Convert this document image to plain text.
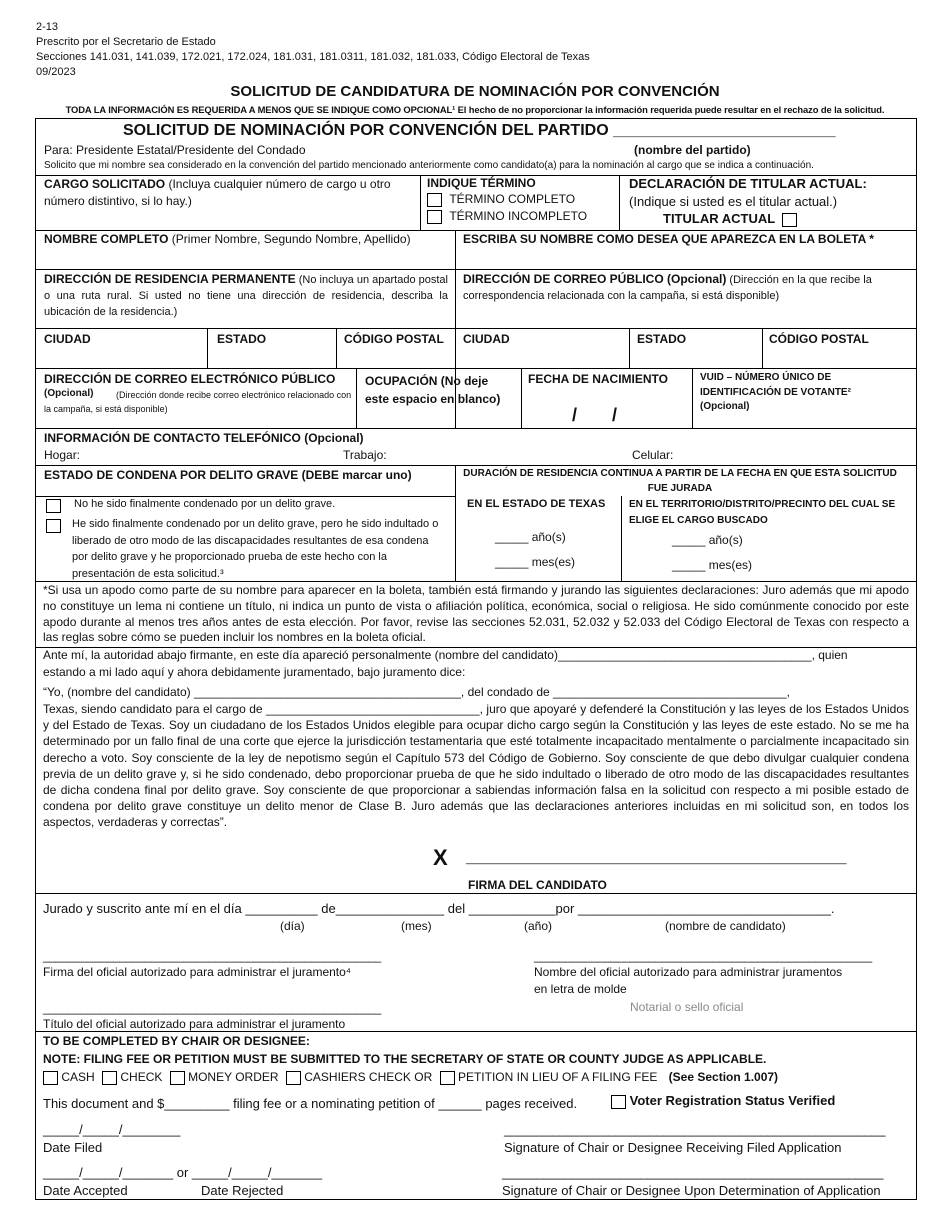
2-13
Prescrito por el Secretario de Estado
Secciones 141.031, 141.039, 172.021, 172.024, 181.031, 181.0311, 181.032, 181.033, Código Electoral de Texas
09/2023
SOLICITUD DE CANDIDATURA DE NOMINACIÓN POR CONVENCIÓN
TODA LA INFORMACIÓN ES REQUERIDA A MENOS QUE SE INDIQUE COMO OPCIONAL¹ El hecho de no proporcionar la información requerida puede resultar en el rechazo de la solicitud.
SOLICITUD DE NOMINACIÓN POR CONVENCIÓN DEL PARTIDO _________________________
Para: Presidente Estatal/Presidente del Condado	(nombre del partido)
Solicito que mi nombre sea considerado en la convención del partido mencionado anteriormente como candidato(a) para la nominación al cargo que se indica a continuación.
CARGO SOLICITADO (Incluya cualquier número de cargo u otro número distintivo, si lo hay.)
INDIQUE TÉRMINO
TÉRMINO COMPLETO
TÉRMINO INCOMPLETO
DECLARACIÓN DE TITULAR ACTUAL:
(Indique si usted es el titular actual.)
TITULAR ACTUAL
NOMBRE COMPLETO (Primer Nombre, Segundo Nombre, Apellido)	ESCRIBA SU NOMBRE COMO DESEA QUE APAREZCA EN LA BOLETA *
DIRECCIÓN DE RESIDENCIA PERMANENTE (No incluya un apartado postal o una ruta rural. Si usted no tiene una dirección de residencia, describa la ubicación de la residencia.)
DIRECCIÓN DE CORREO PÚBLICO (Opcional) (Dirección en la que recibe la correspondencia relacionada con la campaña, si está disponible)
CIUDAD	ESTADO	CÓDIGO POSTAL CIUDAD	ESTADO	CÓDIGO POSTAL
DIRECCIÓN DE CORREO ELECTRÓNICO PÚBLICO
(Opcional)	(Dirección donde recibe correo electrónico relacionado con la campaña, si está disponible)
OCUPACIÓN (No deje este espacio en blanco)
FECHA DE NACIMIENTO
/       /
VUID – NÚMERO ÚNICO DE IDENTIFICACIÓN DE VOTANTE²
(Opcional)
INFORMACIÓN DE CONTACTO TELEFÓNICO (Opcional)
Hogar:	Trabajo:	Celular:
ESTADO DE CONDENA POR DELITO GRAVE (DEBE marcar uno)
No he sido finalmente condenado por un delito grave.
He sido finalmente condenado por un delito grave, pero he sido indultado o liberado de otro modo de las discapacidades resultantes de esa condena por delito grave y he proporcionado prueba de este hecho con la presentación de esta solicitud.³
DURACIÓN DE RESIDENCIA CONTINUA A PARTIR DE LA FECHA EN QUE ESTA SOLICITUD FUE JURADA
EN EL ESTADO DE TEXAS
_____ año(s)
_____ mes(es)
EN EL TERRITORIO/DISTRITO/PRECINTO DEL CUAL SE ELIGE EL CARGO BUSCADO
_____ año(s)
_____ mes(es)
*Si usa un apodo como parte de su nombre para aparecer en la boleta, también está firmando y jurando las siguientes declaraciones: Juro además que mi apodo no constituye un lema ni contiene un título, ni indica un punto de vista o afiliación política, económica, social o religiosa. He sido comúnmente conocido por este apodo durante al menos tres años antes de esta elección. Por favor, revise las secciones 52.031, 52.032 y 52.033 del Código Electoral de Texas con respecto a las reglas sobre cómo se pueden incluir los nombres en la boleta oficial.
Ante mí, la autoridad abajo firmante, en este día apareció personalmente (nombre del candidato)______________________________________, quien
estando a mi lado aquí y ahora debidamente juramentado, bajo juramento dice:
“Yo, (nombre del candidato) ________________________________________, del condado de ___________________________________,
Texas, siendo candidato para el cargo de ________________________________, juro que apoyaré y defenderé la Constitución y las leyes de los Estados Unidos y del Estado de Texas. Soy un ciudadano de los Estados Unidos elegible para ocupar dicho cargo según la Constitución y las leyes de este estado. No se me ha determinado por un fallo final de una corte que ejerce la jurisdicción testamentaria que esté totalmente incapacitado mentalmente o parcialmente incapacitado sin derecho a voto. Soy consciente de la ley de nepotismo según el Capítulo 573 del Código de Gobierno. Soy consciente de que debo divulgar cualquier condena previa de un delito grave y, si he sido condenado, debo proporcionar prueba de que he sido indultado o liberado de otro modo de las discapacidades resultantes de dicha condena final por delito grave. Soy consciente de que proporcionar a sabiendas información falsa en la solicitud con respecto a mi posible estado de condena por delito grave constituye un delito menor de Clase B. Juro además que las declaraciones anteriores incluidas en mi solicitud son, en todos los aspectos, verdaderas y correctas”.
X ______________________________________
FIRMA DEL CANDIDATO
Jurado y suscrito ante mí en el día __________ de_______________ del ____________por ___________________________________.
(día)	(mes)	(año)	(nombre de candidato)
_____________________________________________________
Firma del oficial autorizado para administrar el juramento⁴
_____________________________________________________
Nombre del oficial autorizado para administrar juramentos
en letra de molde
Notarial o sello oficial
_____________________________________________________
Título del oficial autorizado para administrar el juramento
TO BE COMPLETED BY CHAIR OR DESIGNEE:
NOTE: FILING FEE OR PETITION MUST BE SUBMITTED TO THE SECRETARY OF STATE OR COUNTY JUDGE AS APPLICABLE.
CASH CHECK MONEY ORDER CASHIERS CHECK OR PETITION IN LIEU OF A FILING FEE (See Section 1.007)
This document and $_________ filing fee or a nominating petition of ______ pages received.	Voter Registration Status Verified
_____/_____/________
Date Filed
_______________________________________________________
Signature of Chair or Designee Receiving Filed Application
_____/_____/_______ or _____/_____/_______
Date Accepted	Date Rejected
_______________________________________________________
Signature of Chair or Designee Upon Determination of Application
